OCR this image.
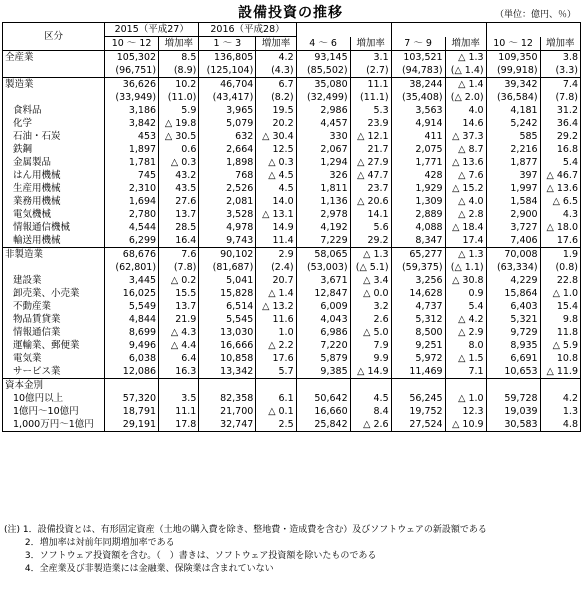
設備投資の推移	（単位：億円、％）
区分	2015（平成27）		2016（平成28）							
	10 ～ 12	増加率	1 ～ 3	増加率	4 ～ 6	増加率	7 ～ 9	増加率	10 ～ 12	増加率
全産業	105,302	8.5	136,805	4.2	93,145	3.1	103,521	△ 1.3	109,350	3.8
	(96,751)	(8.9)	(125,104)	(4.3)	(85,502)	(2.7)	(94,783)	(△ 1.4)	(99,918)	(3.3)
製造業	36,626	10.2	46,704	6.7	35,080	11.1	38,244	△ 1.4	39,342	7.4
	(33,949)	(11.0)	(43,417)	(8.2)	(32,499)	(11.1)	(35,408)	(△ 2.0)	(36,584)	(7.8)
食料品	3,186	5.9	3,965	19.5	2,986	5.3	3,563	4.0	4,181	31.2
化学	3,842	△ 19.8	5,079	20.2	4,457	23.9	4,914	14.6	5,242	36.4
石油・石炭	453	△ 30.5	632	△ 30.4	330	△ 12.1	411	△ 37.3	585	29.2
鉄鋼	1,897	0.6	2,664	12.5	2,067	21.7	2,075	△ 8.7	2,216	16.8
金属製品	1,781	△ 0.3	1,898	△ 0.3	1,294	△ 27.9	1,771	△ 13.6	1,877	5.4
はん用機械	745	43.2	768	△ 4.5	326	△ 47.7	428	△ 7.6	397	△ 46.7
生産用機械	2,310	43.5	2,526	4.5	1,811	23.7	1,929	△ 15.2	1,997	△ 13.6
業務用機械	1,694	27.6	2,081	14.0	1,136	△ 20.6	1,309	△ 4.0	1,584	△ 6.5
電気機械	2,780	13.7	3,528	△ 13.1	2,978	14.1	2,889	△ 2.8	2,900	4.3
情報通信機械	4,544	28.5	4,978	14.9	4,192	5.6	4,088	△ 18.4	3,727	△ 18.0
輸送用機械	6,299	16.4	9,743	11.4	7,229	29.2	8,347	17.4	7,406	17.6
非製造業	68,676	7.6	90,102	2.9	58,065	△ 1.3	65,277	△ 1.3	70,008	1.9
	(62,801)	(7.8)	(81,687)	(2.4)	(53,003)	(△ 5.1)	(59,375)	(△ 1.1)	(63,334)	(0.8)
建設業	3,445	△ 0.2	5,041	20.7	3,671	△ 3.4	3,256	△ 30.8	4,229	22.8
卸売業、小売業	16,025	15.5	15,828	△ 1.4	12,847	△ 0.0	14,628	0.9	15,864	△ 1.0
不動産業	5,549	13.7	6,514	△ 13.2	6,009	3.2	4,737	5.4	6,403	15.4
物品賃貸業	4,844	21.9	5,545	11.6	4,043	2.6	5,312	△ 4.2	5,321	9.8
情報通信業	8,699	△ 4.3	13,030	1.0	6,986	△ 5.0	8,500	△ 2.9	9,729	11.8
運輸業、郵便業	9,496	△ 4.4	16,666	△ 2.2	7,220	7.9	9,251	8.0	8,935	△ 5.9
電気業	6,038	6.4	10,858	17.6	5,879	9.9	5,972	△ 1.5	6,691	10.8
サービス業	12,086	16.3	13,342	5.7	9,385	△ 14.9	11,469	7.1	10,653	△ 11.9
資本金別										
10億円以上	57,320	3.5	82,358	6.1	50,642	4.5	56,245	△ 1.0	59,728	4.2
1億円～10億円	18,791	11.1	21,700	△ 0.1	16,660	8.4	19,752	12.3	19,039	1.3
1,000万円～1億円	29,191	17.8	32,747	2.5	25,842	△ 2.6	27,524	△ 10.9	30,583	4.8
(注) 1．設備投資とは、有形固定資産（土地の購入費を除き、整地費・造成費を含む）及びソフトウェアの新設額である
　　 2．増加率は対前年同期増加率である
　　 3．ソフトウェア投資額を含む。（　）書きは、ソフトウェア投資額を除いたものである
　　 4．全産業及び非製造業には金融業、保険業は含まれていない
